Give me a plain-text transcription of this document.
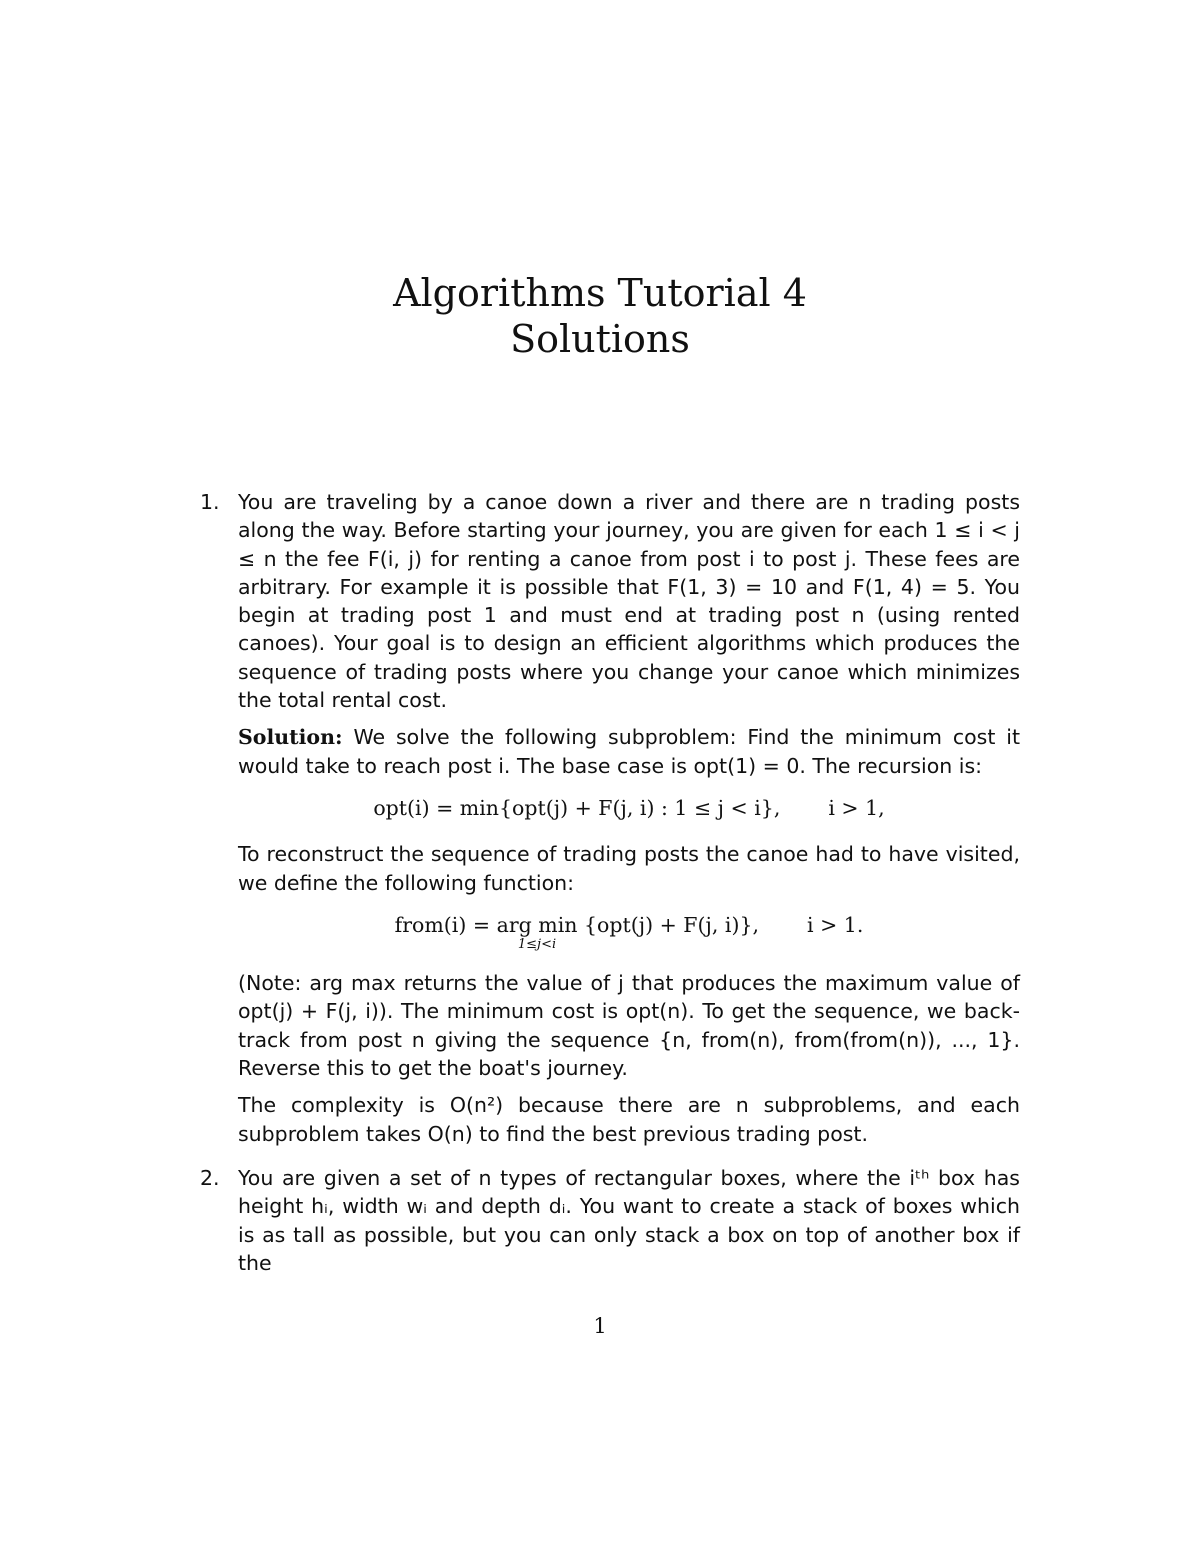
Algorithms Tutorial 4
Solutions
1. You are traveling by a canoe down a river and there are n trading posts along the way. Before starting your journey, you are given for each 1 ≤ i < j ≤ n the fee F(i, j) for renting a canoe from post i to post j. These fees are arbitrary. For example it is possible that F(1, 3) = 10 and F(1, 4) = 5. You begin at trading post 1 and must end at trading post n (using rented canoes). Your goal is to design an efficient algorithms which produces the sequence of trading posts where you change your canoe which minimizes the total rental cost.

Solution: We solve the following subproblem: Find the minimum cost it would take to reach post i. The base case is opt(1) = 0. The recursion is:

opt(i) = min{opt(j) + F(j, i) : 1 ≤ j < i}, i > 1,

To reconstruct the sequence of trading posts the canoe had to have visited, we define the following function:

from(i) = arg min
1≤j<i
{opt(j) + F(j, i)}, i > 1.

(Note: arg max returns the value of j that produces the maximum value of opt(j) + F(j, i)). The minimum cost is opt(n). To get the sequence, we back-track from post n giving the sequence {n, from(n), from(from(n)), ..., 1}. Reverse this to get the boat's journey.

The complexity is O(n²) because there are n subproblems, and each subproblem takes O(n) to find the best previous trading post.

2. You are given a set of n types of rectangular boxes, where the iᵗʰ box has height hᵢ, width wᵢ and depth dᵢ. You want to create a stack of boxes which is as tall as possible, but you can only stack a box on top of another box if the

1
